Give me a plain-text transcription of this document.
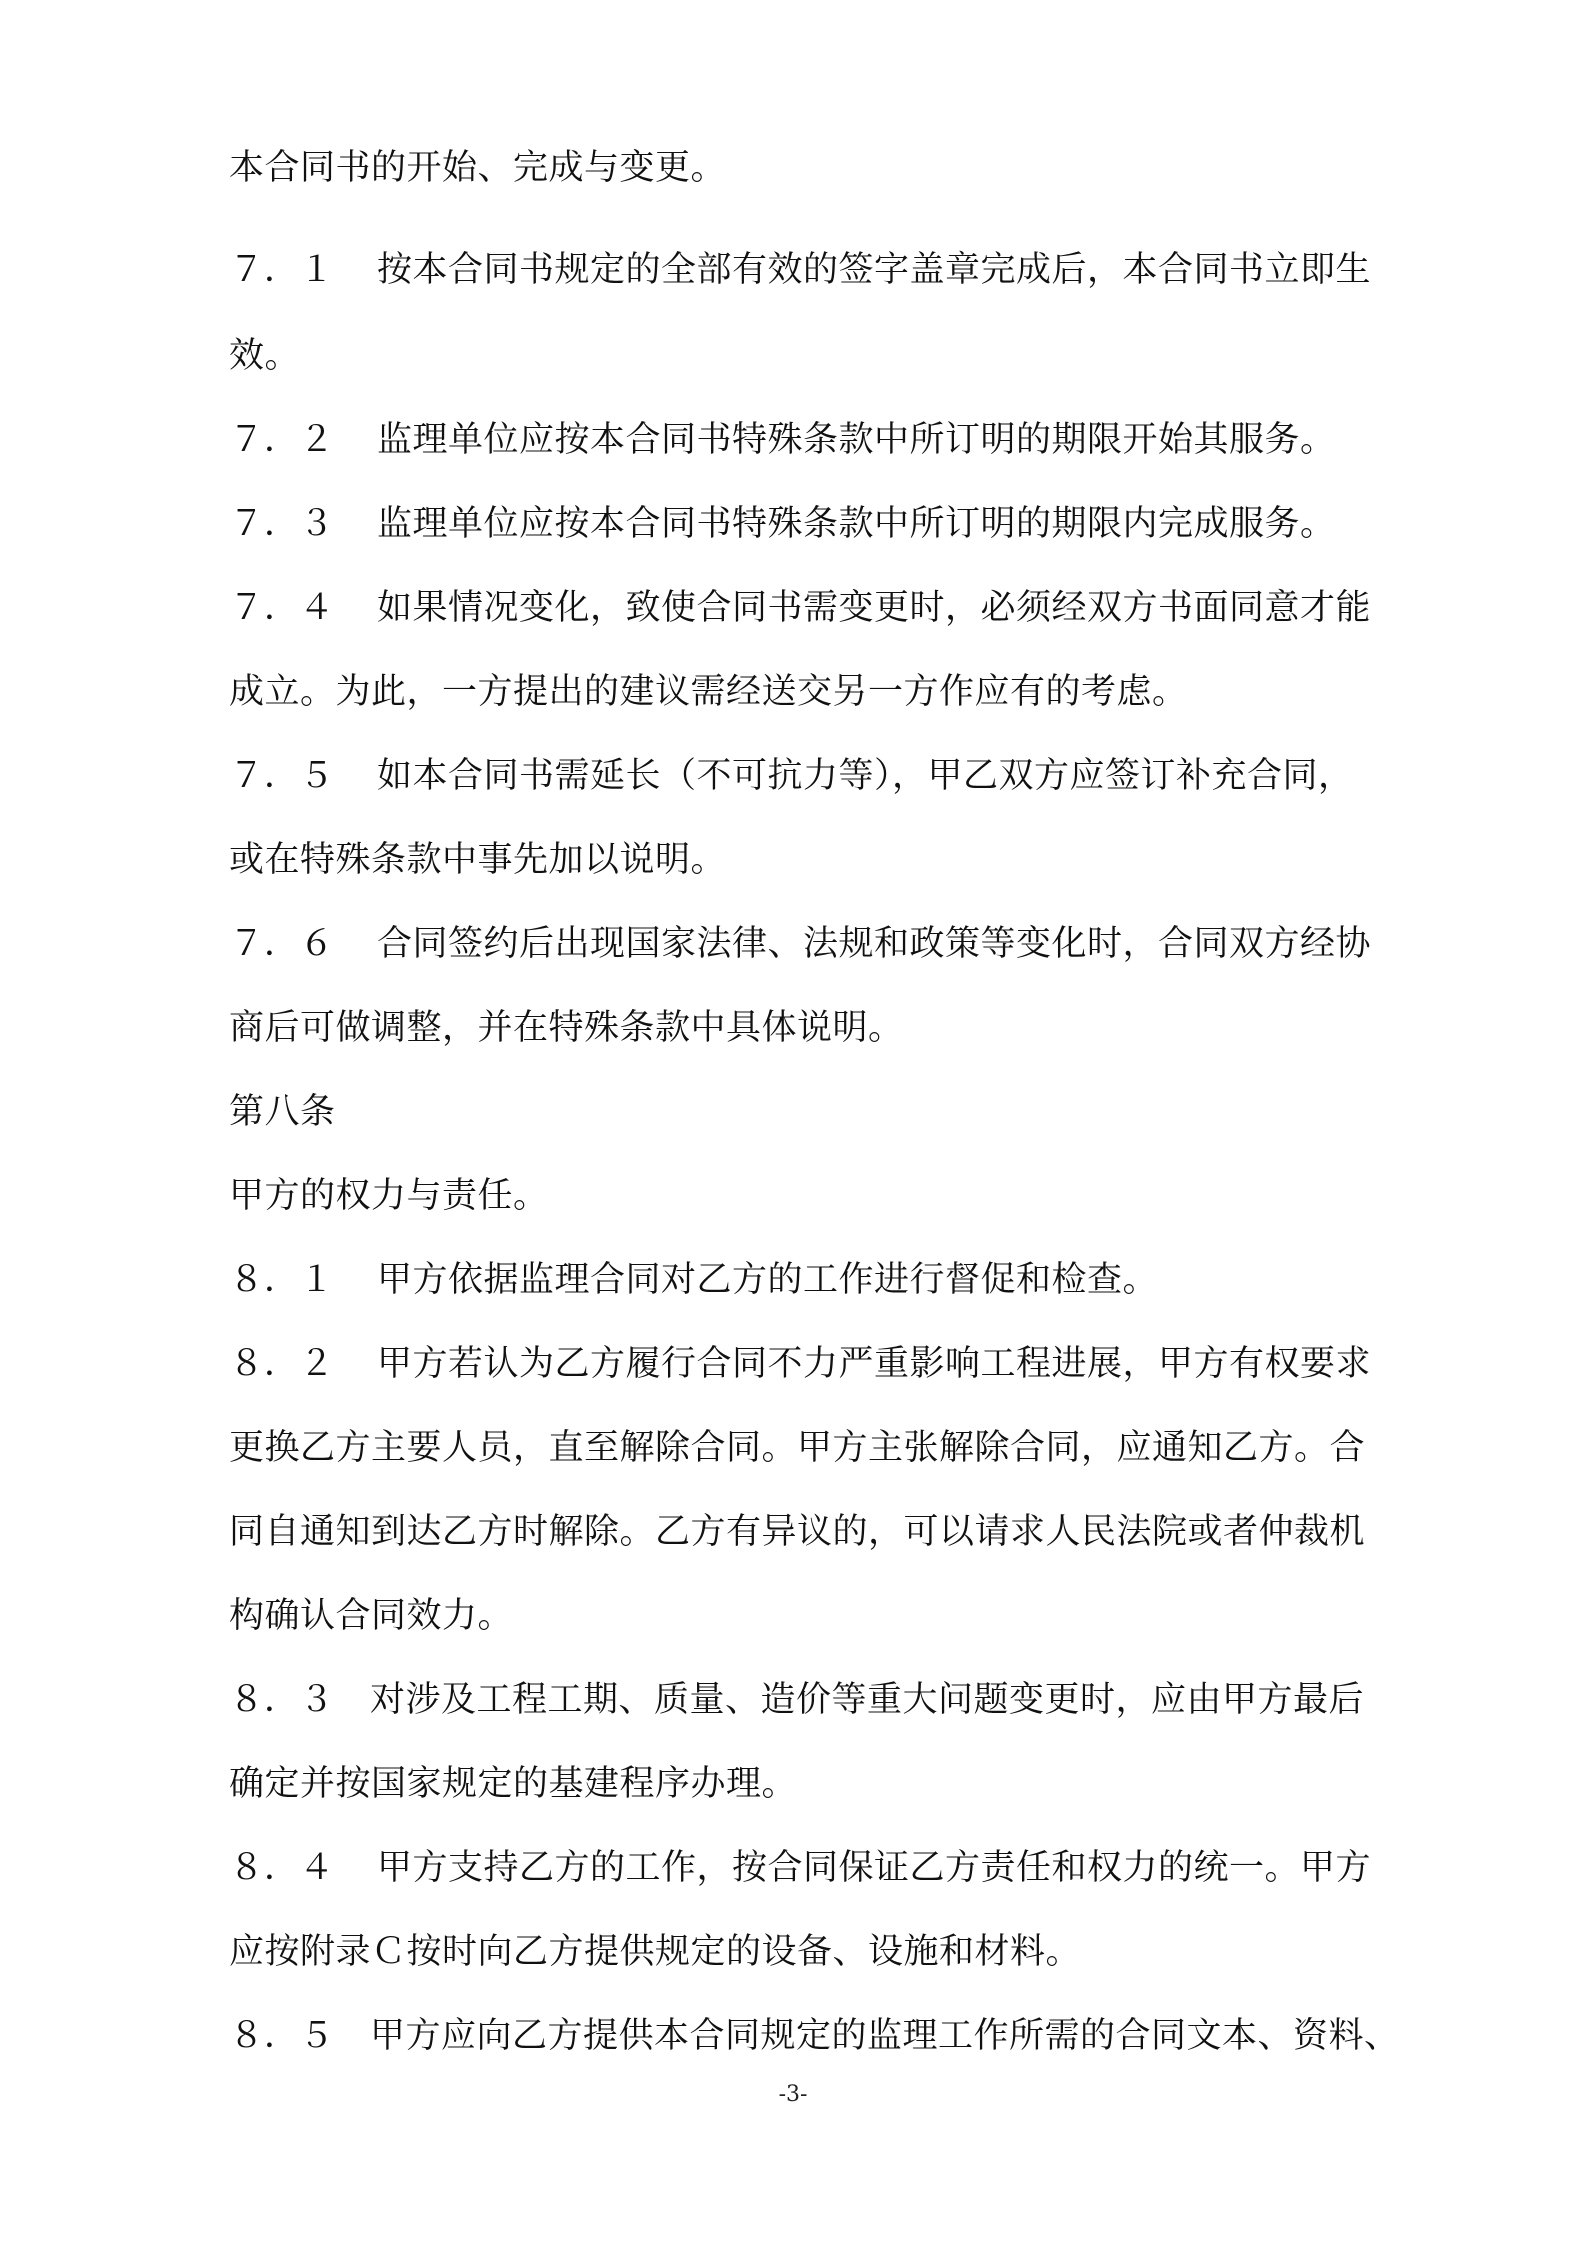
本合同书的开始、完成与变更。
７．１ 按本合同书规定的全部有效的签字盖章完成后，本合同书立即生
效。
７．２ 监理单位应按本合同书特殊条款中所订明的期限开始其服务。
７．３ 监理单位应按本合同书特殊条款中所订明的期限内完成服务。
７．４ 如果情况变化，致使合同书需变更时，必须经双方书面同意才能
成立。为此，一方提出的建议需经送交另一方作应有的考虑。
７．５ 如本合同书需延长（不可抗力等），甲乙双方应签订补充合同，
或在特殊条款中事先加以说明。
７．６ 合同签约后出现国家法律、法规和政策等变化时，合同双方经协
商后可做调整，并在特殊条款中具体说明。
第八条
甲方的权力与责任。
８．１ 甲方依据监理合同对乙方的工作进行督促和检查。
８．２ 甲方若认为乙方履行合同不力严重影响工程进展，甲方有权要求
更换乙方主要人员，直至解除合同。甲方主张解除合同，应通知乙方。合
同自通知到达乙方时解除。乙方有异议的，可以请求人民法院或者仲裁机
构确认合同效力。
８．３ 对涉及工程工期、质量、造价等重大问题变更时，应由甲方最后
确定并按国家规定的基建程序办理。
８．４ 甲方支持乙方的工作，按合同保证乙方责任和权力的统一。甲方
应按附录Ｃ按时向乙方提供规定的设备、设施和材料。
８．５ 甲方应向乙方提供本合同规定的监理工作所需的合同文本、资料、
-3-
